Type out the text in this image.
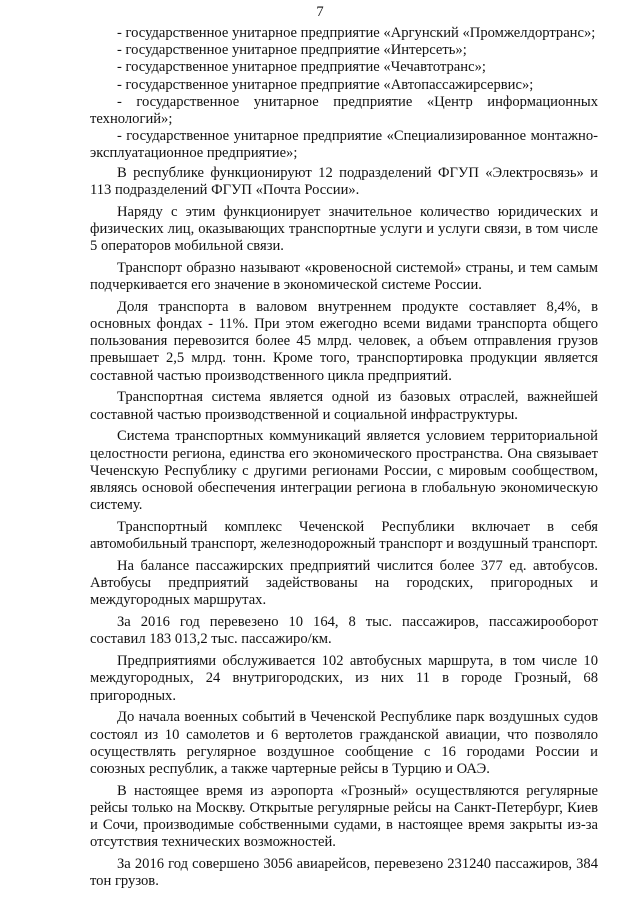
7

- государственное унитарное предприятие «Аргунский «Промжелдортранс»;

- государственное унитарное предприятие «Интерсеть»;

- государственное унитарное предприятие «Чечавтотранс»;

- государственное унитарное предприятие «Автопассажирсервис»;

- государственное унитарное предприятие «Центр информационных технологий»;

- государственное унитарное предприятие «Специализированное монтажно-эксплуатационное предприятие»;

В республике функционируют 12 подразделений ФГУП «Электросвязь» и 113 подразделений ФГУП «Почта России».

Наряду с этим функционирует значительное количество юридических и физических лиц, оказывающих транспортные услуги и услуги связи, в том числе 5 операторов мобильной связи.

Транспорт образно называют «кровеносной системой» страны, и тем самым подчеркивается его значение в экономической системе России.

Доля транспорта в валовом внутреннем продукте составляет 8,4%, в основных фондах - 11%. При этом ежегодно всеми видами транспорта общего пользования перевозится более 45 млрд. человек, а объем отправления грузов превышает 2,5 млрд. тонн. Кроме того, транспортировка продукции является составной частью производственного цикла предприятий.

Транспортная система является одной из базовых отраслей, важнейшей составной частью производственной и социальной инфраструктуры.

Система транспортных коммуникаций является условием территориальной целостности региона, единства его экономического пространства. Она связывает Чеченскую Республику с другими регионами России, с мировым сообществом, являясь основой обеспечения интеграции региона в глобальную экономическую систему.

Транспортный комплекс Чеченской Республики включает в себя автомобильный транспорт, железнодорожный транспорт и воздушный транспорт.

На балансе пассажирских предприятий числится более 377 ед. автобусов. Автобусы предприятий задействованы на городских, пригородных и междугородных маршрутах.

За 2016 год перевезено 10 164, 8 тыс. пассажиров, пассажирооборот составил 183 013,2 тыс. пассажиро/км.

Предприятиями обслуживается 102 автобусных маршрута, в том числе 10 междугородных, 24 внутригородских, из них 11 в городе Грозный, 68 пригородных.

До начала военных событий в Чеченской Республике парк воздушных судов состоял из 10 самолетов и 6 вертолетов гражданской авиации, что позволяло осуществлять регулярное воздушное сообщение с 16 городами России и союзных республик, а также чартерные рейсы в Турцию и ОАЭ.

В настоящее время из аэропорта «Грозный» осуществляются регулярные рейсы только на Москву. Открытые регулярные рейсы на Санкт-Петербург, Киев и Сочи, производимые собственными судами, в настоящее время закрыты из-за отсутствия технических возможностей.

За 2016 год совершено 3056 авиарейсов, перевезено 231240 пассажиров, 384 тон грузов.
